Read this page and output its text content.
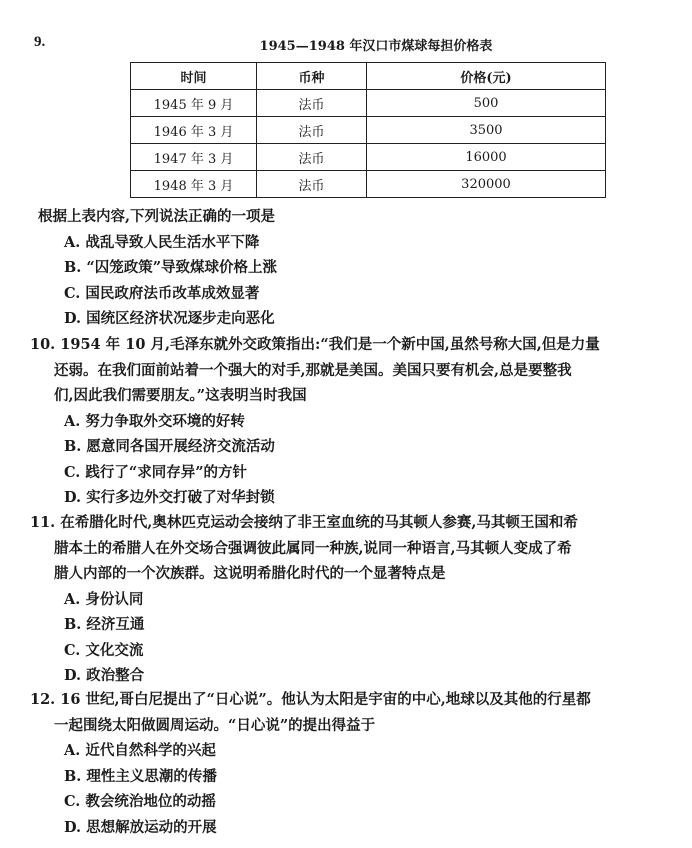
9.	1945—1948 年汉口市煤球每担价格表
时间	币种	价格(元)
1945 年 9 月	法币	500
1946 年 3 月	法币	3500
1947 年 3 月	法币	16000
1948 年 3 月	法币	320000
根据上表内容,下列说法正确的一项是
A. 战乱导致人民生活水平下降
B. “囚笼政策”导致煤球价格上涨
C. 国民政府法币改革成效显著
D. 国统区经济状况逐步走向恶化
10. 1954 年 10 月,毛泽东就外交政策指出:“我们是一个新中国,虽然号称大国,但是力量
还弱。在我们面前站着一个强大的对手,那就是美国。美国只要有机会,总是要整我
们,因此我们需要朋友。”这表明当时我国
A. 努力争取外交环境的好转
B. 愿意同各国开展经济交流活动
C. 践行了“求同存异”的方针
D. 实行多边外交打破了对华封锁
11. 在希腊化时代,奥林匹克运动会接纳了非王室血统的马其顿人参赛,马其顿王国和希
腊本土的希腊人在外交场合强调彼此属同一种族,说同一种语言,马其顿人变成了希
腊人内部的一个次族群。这说明希腊化时代的一个显著特点是
A. 身份认同
B. 经济互通
C. 文化交流
D. 政治整合
12. 16 世纪,哥白尼提出了“日心说”。他认为太阳是宇宙的中心,地球以及其他的行星都
一起围绕太阳做圆周运动。“日心说”的提出得益于
A. 近代自然科学的兴起
B. 理性主义思潮的传播
C. 教会统治地位的动摇
D. 思想解放运动的开展
